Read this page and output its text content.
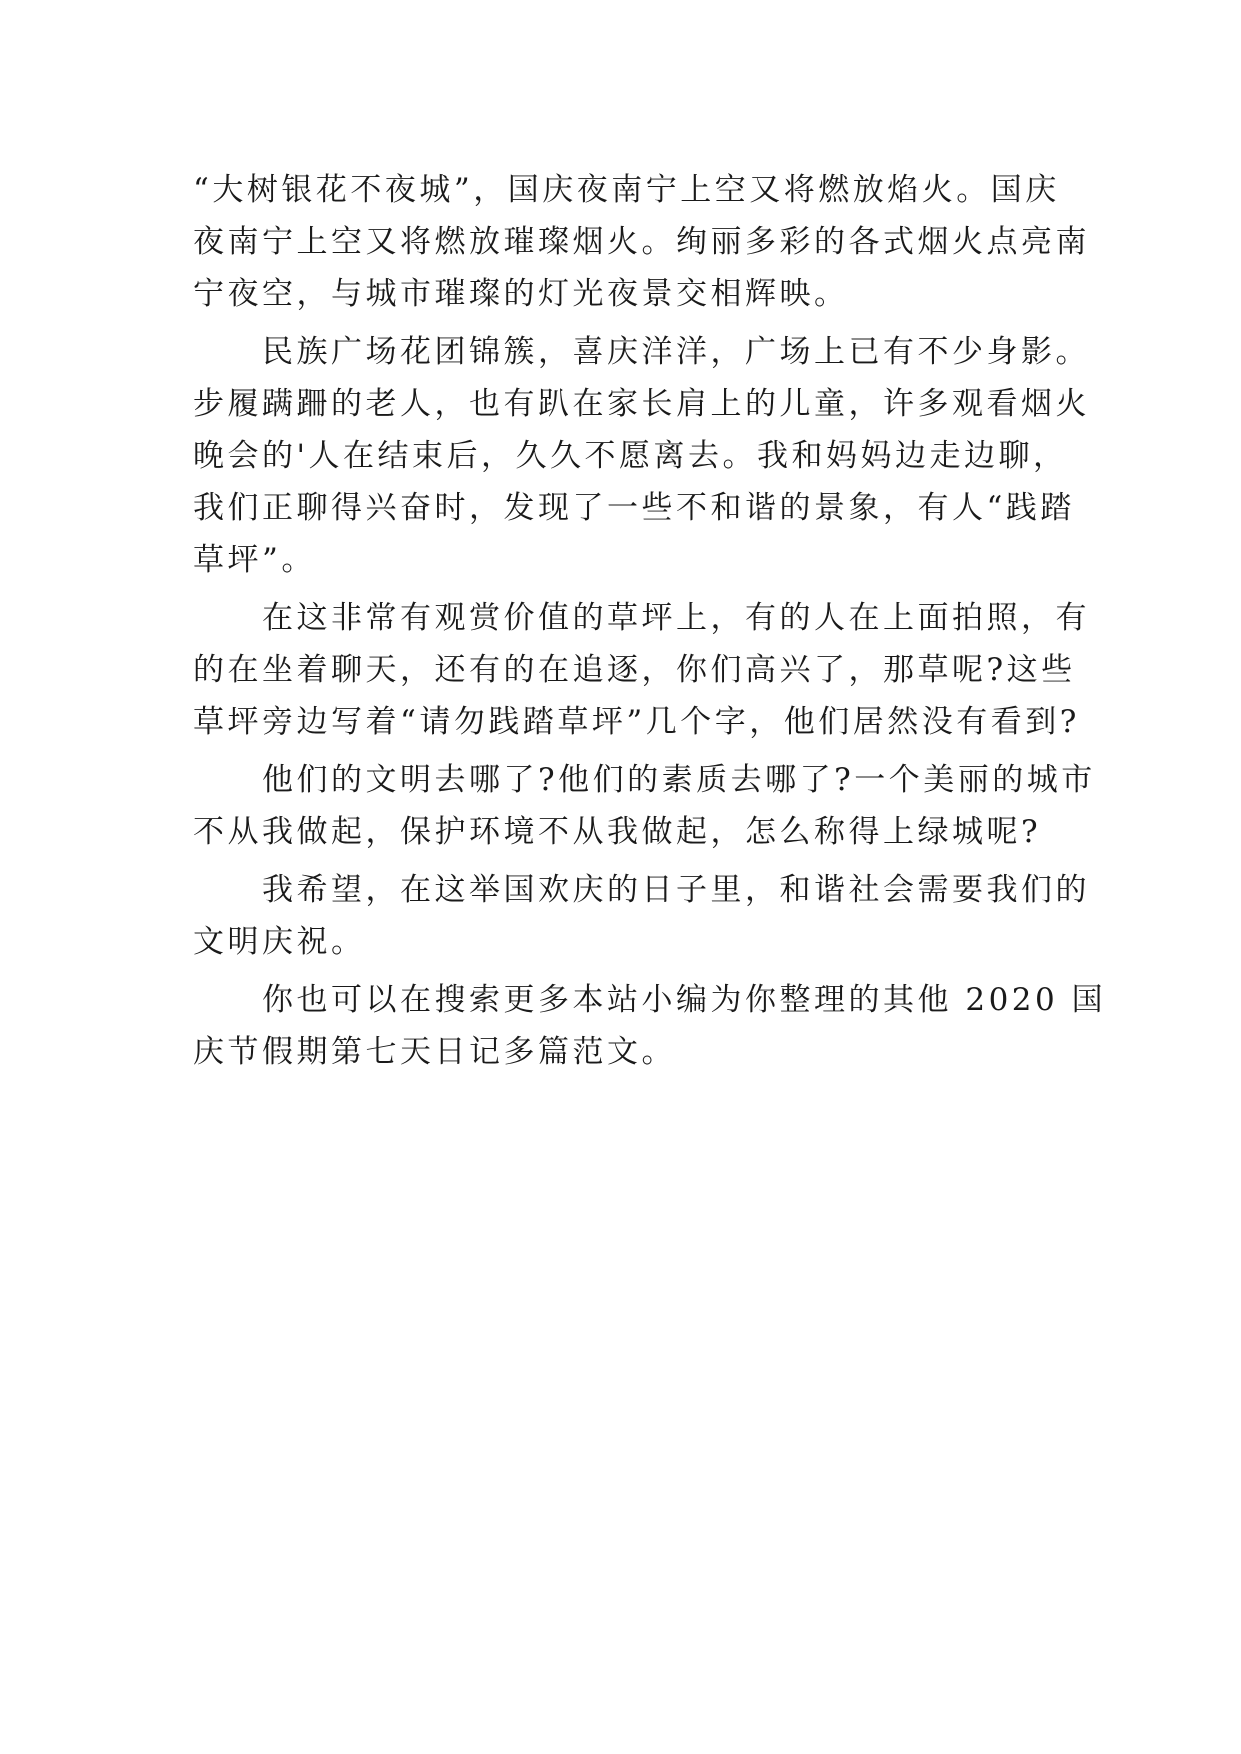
“大树银花不夜城”，国庆夜南宁上空又将燃放焰火。国庆
夜南宁上空又将燃放璀璨烟火。绚丽多彩的各式烟火点亮南
宁夜空，与城市璀璨的灯光夜景交相辉映。
　　民族广场花团锦簇，喜庆洋洋，广场上已有不少身影。
步履蹒跚的老人，也有趴在家长肩上的儿童，许多观看烟火
晚会的'人在结束后，久久不愿离去。我和妈妈边走边聊，
我们正聊得兴奋时，发现了一些不和谐的景象，有人“践踏
草坪”。
　　在这非常有观赏价值的草坪上，有的人在上面拍照，有
的在坐着聊天，还有的在追逐，你们高兴了，那草呢?这些
草坪旁边写着“请勿践踏草坪”几个字，他们居然没有看到?
　　他们的文明去哪了?他们的素质去哪了?一个美丽的城市
不从我做起，保护环境不从我做起，怎么称得上绿城呢?
　　我希望，在这举国欢庆的日子里，和谐社会需要我们的
文明庆祝。
　　你也可以在搜索更多本站小编为你整理的其他 2020 国
庆节假期第七天日记多篇范文。
